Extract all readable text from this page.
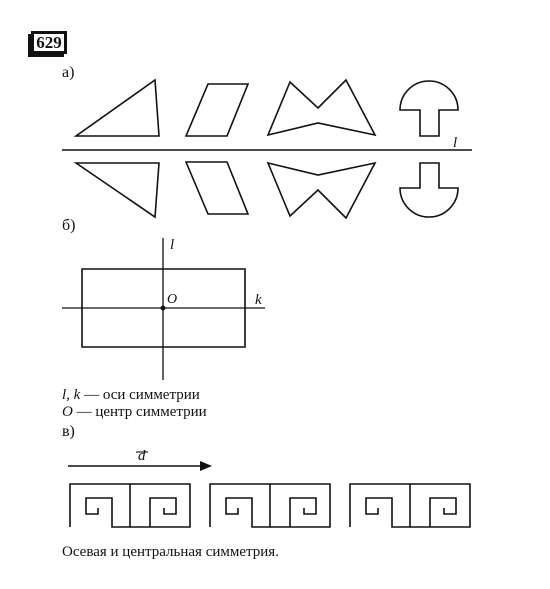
629
а)
б)
в)
l
l
k
O
d
l, k — оси симметрии
O — центр симметрии
Осевая и центральная симметрия.
